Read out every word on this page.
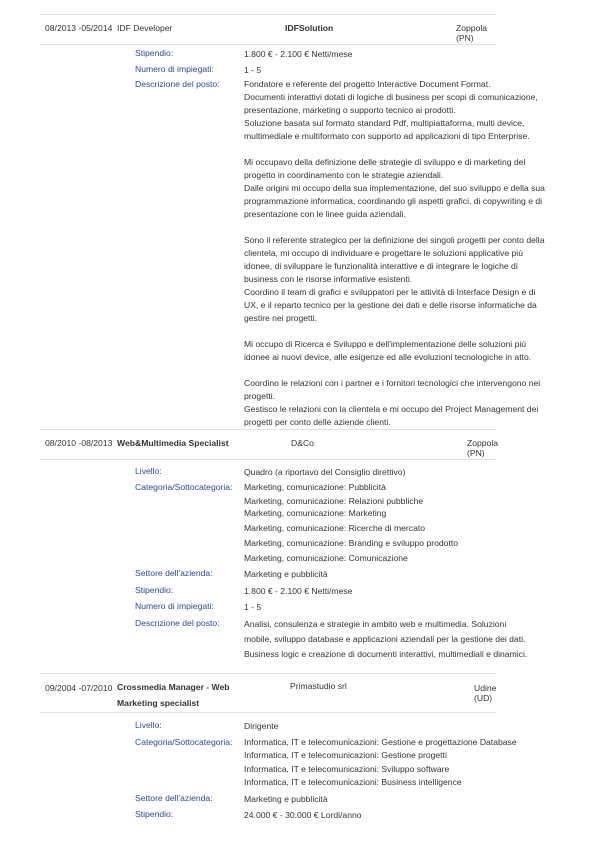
08/2013 -05/2014 IDF Developer	IDFSolution	Zoppola (PN)
Stipendio:	1.800 € - 2.100 € Netti/mese
Numero di impiegati:	1 - 5
Descrizione del posto:	Fondatore e referente del progetto Interactive Document Format.
Documenti interattivi dotati di logiche di business per scopi di comunicazione,
presentazione, marketing o supporto tecnico ai prodotti.
Soluzione basata sul formato standard Pdf, multipiattaforma, multi device,
multimediale e multiformato con supporto ad applicazioni di tipo Enterprise.
Mi occupavo della definizione delle strategie di sviluppo e di marketing del
progetto in coordinamento con le strategie aziendali.
Dalle origini mi occupo della sua implementazione, del suo sviluppo e della sua
programmazione informatica, coordinando gli aspetti grafici, di copywriting e di
presentazione con le linee guida aziendali.
Sono il referente strategico per la definizione dei singoli progetti per conto della
clientela, mi occupo di individuare e progettare le soluzioni applicative più
idonee, di sviluppare le funzionalità interattive e di integrare le logiche di
business con le risorse informative esistenti.
Coordino il team di grafici e sviluppatori per le attività di Interface Design e di
UX, e il reparto tecnico per la gestione dei dati e delle risorse informatiche da
gestire nei progetti.
Mi occupo di Ricerca e Sviluppo e dell'implementazione delle soluzioni più
idonee ai nuovi device, alle esigenze ed alle evoluzioni tecnologiche in atto.
Coordino le relazioni con i partner e i fornitori tecnologici che intervengono nei
progetti.
Gestisco le relazioni con la clientela e mi occupo del Project Management dei
progetti per conto delle aziende clienti.
08/2010 -08/2013 Web&Multimedia Specialist	D&Co	Zoppola (PN)
Livello:	Quadro (a riportavo del Consiglio direttivo)
Categoria/Sottocategoria: Marketing, comunicazione: Pubblicità
Marketing, comunicazione: Relazioni pubbliche
Marketing, comunicazione: Marketing
Marketing, comunicazione: Ricerche di mercato
Marketing, comunicazione: Branding e sviluppo prodotto
Marketing, comunicazione: Comunicazione
Settore dell'azienda:	Marketing e pubblicità
Stipendio:	1.800 € - 2.100 € Netti/mese
Numero di impiegati:	1 - 5
Descrizione del posto:	Analisi, consulenza e strategie in ambito web e multimedia. Soluzioni
mobile, sviluppo database e applicazioni aziendali per la gestione dei dati.
Business logic e creazione di documenti interattivi, multimediali e dinamici.
09/2004 -07/2010 Crossmedia Manager - Web Marketing specialist
Primastudio srl	Udine (UD)
Livello:	Dirigente
Categoria/Sottocategoria: Informatica, IT e telecomunicazioni: Gestione e progettazione Database
Informatica, IT e telecomunicazioni: Gestione progetti
Informatica, IT e telecomunicazioni: Sviluppo software
Informatica, IT e telecomunicazioni: Business intelligence
Settore dell'azienda:	Marketing e pubblicità
Stipendio:	24.000 € - 30.000 € Lordi/anno
